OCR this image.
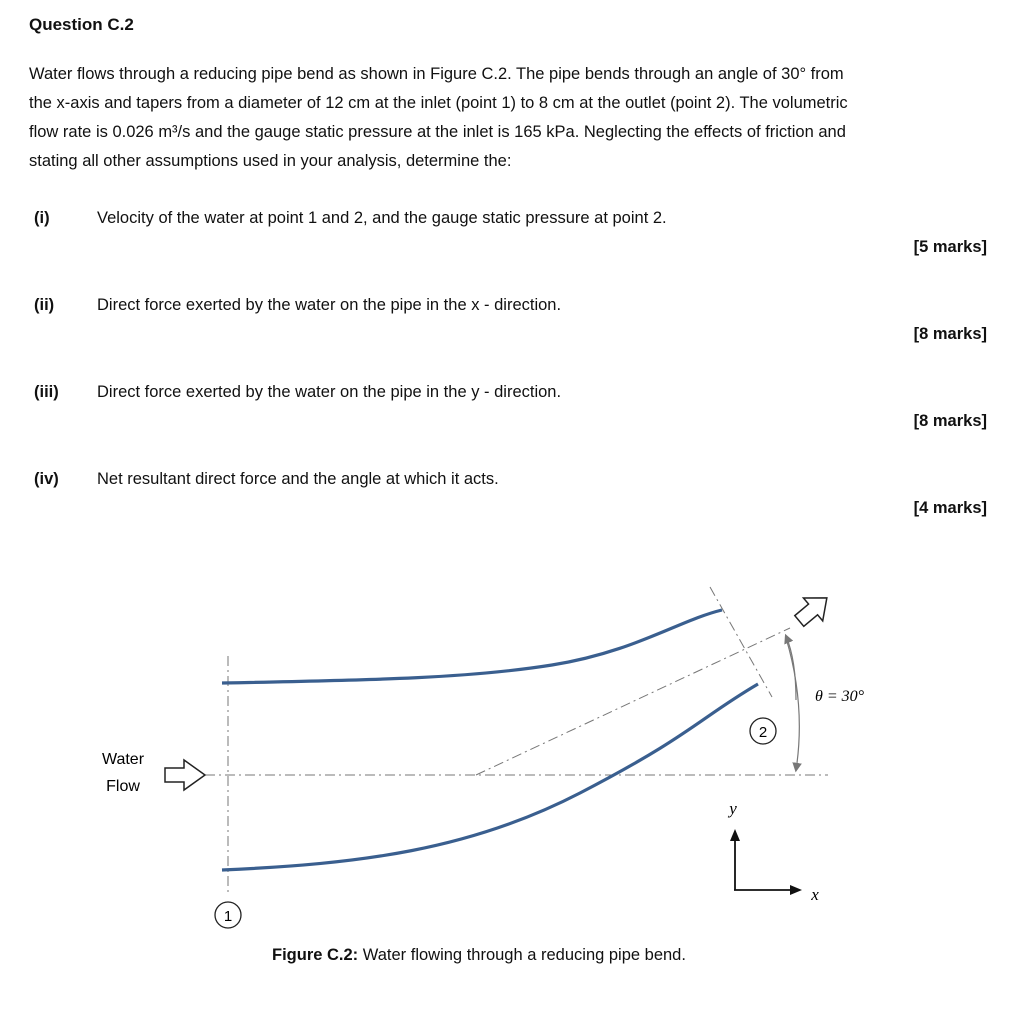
Question C.2
Water flows through a reducing pipe bend as shown in Figure C.2. The pipe bends through an angle of 30° from
the x-axis and tapers from a diameter of 12 cm at the inlet (point 1) to 8 cm at the outlet (point 2). The volumetric
flow rate is 0.026 m³/s and the gauge static pressure at the inlet is 165 kPa. Neglecting the effects of friction and
stating all other assumptions used in your analysis, determine the:
(i)	Velocity of the water at point 1 and 2, and the gauge static pressure at point 2.
[5 marks]
(ii)	Direct force exerted by the water on the pipe in the x - direction.
[8 marks]
(iii)	Direct force exerted by the water on the pipe in the y - direction.
[8 marks]
(iv)	Net resultant direct force and the angle at which it acts.
[4 marks]
Water
Flow
θ = 30°
2
1
y
x
Figure C.2: Water flowing through a reducing pipe bend.
